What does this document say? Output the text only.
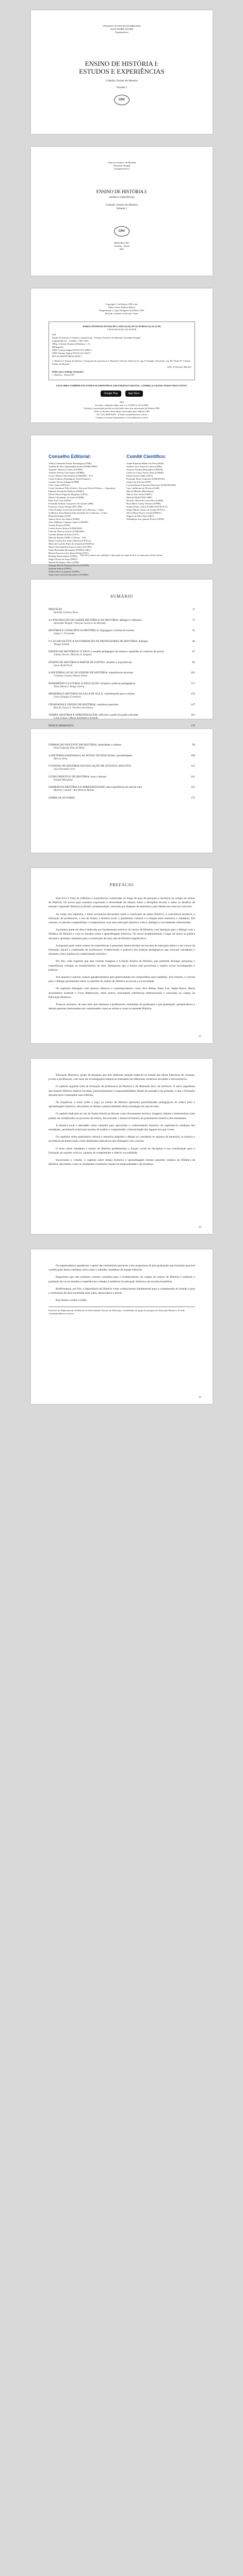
VENICIUS JUVENCIO DE MIRANDA
ALEXANDRE KNAPIK
Organizadores

ENSINO DE HISTÓRIA I:

ESTUDOS E EXPERIÊNCIAS

Coleção: Ensino de História

Volume 1

CRV
Vênicius Juvêncio de Miranda
Alexandre Knapik
(Organizadores)

ENSINO DE HISTÓRIA I:

estudos e experiências

Coleção: Ensino de História

Volume 1

CRV
EDITORA CRV
Curitiba – Brasil
2021
Copyright © da Editora CRV Ltda.
Editor-chefe: Railson Moura
Diagramação e Capa: Designers da Editora CRV
Revisão: Analista de Escrita e Artes
DADOS INTERNACIONAIS DE CATALOGAÇÃO NA PUBLICAÇÃO (CIP)
CATALOGAÇÃO NA FONTE
E59
Ensino de história I: estudos e experiências / Vênicius Juvêncio de Miranda, Alexandre Knapik
(organizadores) – Curitiba : CRV, 2021.
188 p. (Coleção Ensino de História, v. 1)
Bibliografia
ISBN Coleção Digital 978-65-251-2008-4
ISBN Volume Digital 978-65-251-2010-7
DOI 10.24824/978652512010.7
1. História 2. Ensino de história 3. Formação de professores I. Miranda, Vênicius Juvêncio de. org. II. Knapik, Alexandre. org. III. Título IV. Coleção Ensino de História
CDU 37.016:94 CDD 907
Índice para catálogo sistemático
1. História – Ensino 907
ESTA OBRA TAMBÉM ENCONTRA-SE DISPONÍVEL EM FORMATO DIGITAL. CONHEÇA E BAIXE NOSSO APLICATIVO!
Google Play	App Store
2021
Foi feito o depósito legal conf. Lei 10.994 de 14/12/2004
Proibida a reprodução parcial ou total desta obra sem autorização da Editora CRV
Todos os direitos desta edição reservados pela: Editora CRV
Tel.: (41) 3039-6418 – E-mail: sac@editoracrv.com.br
Conheça os nossos lançamentos: www.editoracrv.com.br
Conselho Editorial:
Aldira Guimarães Duarte Domínguez (UNB)
Andréia da Silva Quintanilha Sousa (UNIR/UFRN)
Anselmo Alencar Colares (UFOPA)
Antônio Pereira Gaio Júnior (UFRRJ)
Carlos Alberto Vilar Estêvão (UMINHO – PT)
Carlos Federico Dominguez Avila (Unieuro)
Carmen Tereza Velanga (UNIR)
Celso Conti (UFSCar)
Cesar Gerónimo Tello (Univer .Nacional Três de Febrero – Argentina)
Eduardo Fernandes Barbosa (UFMG)
Elione Maria Nogueira Diogenes (UFAL)
Elizeu Clementino de Souza (UNEB)
Élsio José Corá (UFFS)
Fernando Antônio Gonçalves Alcoforado (IPB)
Francisco Carlos Duarte (PUC-PR)
Gloria Fariñas León (Universidade de La Havana – Cuba)
Guillermo Arias Beatón (Universidade de La Havana – Cuba)
Helmuth Krüger (UCP)
Jailson Alves dos Santos (UFRJ)
João Adalberto Campato Junior (UNESP)
Josania Portela (UFPI)
Leonel Severo Rocha (UNISINOS)
Lídia de Oliveira Xavier (UNIEURO)
Lourdes Helena da Silva (UFV)
Marcelo Paixão (UFRJ e UTexas – US)
Maria Cristina dos Santos Bezerra (UFSCar)
Maria de Lourdes Pinto de Almeida (UNOESC)
Maria Lília Imbiriba Sousa Colares (UFOPA)
Paulo Romualdo Hernandes (UNIFAL-MG)
Renato Francisco dos Santos Paula (UFG)
Rodrigo Pratte-Santos (UFES)
Sérgio Nunes de Jesus (IFRO)
Simone Rodrigues Pinto (UNB)
Solange Helena Ximenes-Rocha (UFOPA)
Sydione Santos (UEPG)
Tadeu Oliver Gonçalves (UFPA)
Tania Suely Azevedo Brasileiro (UFOPA)
Comitê Científico:
André Eduardo Ribeiro da Silva (IFSP)
Antônio Jose Teixeira Guerra (UFRJ)
Antonio Nivaldo Hespanhol (UNESP)
Carlos de Castro Neves Neto (UNESP)
Edson Soares Fialho (UFV)
Fernando Pinto Cerqueira (UNIOESTE)
Jorge Luís Ferreira (UFF)
Luciana Rosar Fornazari Klanovicz (UNICENTRO)
Luiz Guilherme de Oliveira (UnB)
Marcel Mendes (Mackenzie)
Marcio Jose Ornat (UEPG)
Michael Hall (UNICAMP)
Ricardo Gilson da Costa Silva (UNIR)
Rosa Maria Godoy Silveira (UFPB)
Sandro Dutra e Silva (UNIEVANGÉLICA)
Sérgio Murilo Santos de Araújo (UFCG)
Silvia Maria Fávero Arend (UDESC)
Wagner da Silva Dias (UEG)
Wellington Jose Quirino Ferraz (UFPA)
Este livro passou por avaliação e aprovação às cegas de dois ou mais pareceristas ad hoc.

SUMÁRIO

PREFÁCIO	11
Ronaldo Cardoso Alves
A CONSTRUÇÃO DO SABER HISTÓRICO NA HISTÓRIA: diálogos e reflexões	17
Alexandre Knapik / Vênicius Juvêncio de Miranda
HISTÓRIA E CONSCIÊNCIA HISTÓRICA: linguagens e formas de ensinar	31
Sérgio C. Fernandes
O LUGAR DA ÉTICA NA FORMAÇÃO DE PROFESSORES DE HISTÓRIA: diálogos	49
Thiago Schmitt
ENSINO DE HISTÓRIA E O JOGO: o sentido pedagógico de ensinar e aprender no contexto da escola	67
Juliana Vecchi / Marcelo A. Sampaio
ENSINO DE HISTÓRIA A PARTIR DE FONTES: desafios e experiências	83
Lucas Pydd Nechi
A HISTÓRIA LOCAL NO ENSINO DE HISTÓRIA: experiências docentes	101
Cristiano Gustavo Biazzo Simon
PATRIMÔNIO CULTURAL E EDUCAÇÃO: relações e práticas pedagógicas	117
Tânia Maria F. Braga Garcia
MEMÓRIA E HISTÓRIA NA SALA DE AULA: contribuições para o ensino	133
Geyso Dongley Germinari
CIDADANIA E ENSINO DE HISTÓRIA: caminhos possíveis	147
Rita de Cássia G. Pacheco dos Santos
TEMPO, HISTÓRIA E APRENDIZAGEM: reflexões a partir da prática docente	161
Carla Gomes / Maria Auxiliadora Schmidt
ÍNDICE REMISSIVO	179
FORMAÇÃO DOCENTE EM HISTÓRIA: identidades e saberes	99
Paulo Eduardo Dias de Mello
A HISTÓRIA ENSINADA E AS NOVAS TECNOLOGIAS: possibilidades	109
Marcos Silva
O ENSINO DE HISTÓRIA NA EDUCAÇÃO DE JOVENS E ADULTOS	121
Luis Fernando Cerri
LIVRO DIDÁTICO DE HISTÓRIA: usos e leituras	141
Kazumi Munakata
NARRATIVA HISTÓRICA E APRENDIZAGEM: uma experiência em sala de aula	155
Marlene Cainelli / Ana Heloisa Molina
SOBRE OS AUTORES	175

PREFÁCIO

Este livro é fruto de reflexões e experiências construídas ao longo de anos de pesquisa e docência no campo do ensino de História. Os textos aqui reunidos expressam a diversidade de olhares sobre a disciplina escolar e sobre os desafios de ensinar e aprender História no Brasil contemporâneo, marcado por disputas de memória e pelo debate em torno do currículo.

Ao longo dos capítulos, o leitor encontrará discussões sobre a construção do saber histórico, a consciência histórica, a formação de professores, o uso de fontes, a história local, o patrimônio cultural e a relação entre memória e cidadania. Em comum, os autores compartilham o compromisso com uma educação histórica crítica, dialógica e socialmente referenciada.

A primeira parte da obra é dedicada aos fundamentos teóricos do ensino de História, com destaque para o diálogo com a Didática da História e com os estudos sobre a aprendizagem histórica. Os textos problematizam o lugar da teoria na prática docente e apontam caminhos para a construção de uma aula de História significativa.

A segunda parte reúne relatos de experiências e pesquisas desenvolvidas em escolas de educação básica e em cursos de formação inicial e continuada de professores, evidenciando a potência das práticas pedagógicas que colocam estudantes e docentes como sujeitos do conhecimento histórico.

Por fim, cabe registrar que este volume inaugura a Coleção Ensino de História, que pretende divulgar pesquisas e experiências voltadas ao fortalecimento da área. Desejamos que a leitura seja proveitosa e inspire novas investigações e práticas.

Aos autores e autoras, nossos agradecimentos pela generosidade em compartilhar seus trabalhos. Aos leitores, o convite para o diálogo permanente sobre os sentidos do ensino de História na escola e na sociedade.

Os capítulos dialogam com autores clássicos e contemporâneos, como Jörn Rüsen, Peter Lee, Isabel Barca, Maria Auxiliadora Schmidt e Circe Bittencourt, entre outros, articulando referências internacionais e nacionais no campo da Educação Histórica.

Trata-se, portanto, de uma obra que interessa a professores, estudantes de graduação e pós-graduação, pesquisadores e demais pessoas interessadas em compreender como se ensina e como se aprende História.

11

Educação Histórica, grupo de pesquisa que tem dedicado atenção especial ao estudo das ideias históricas de crianças, jovens e professores, com base em investigações empíricas realizadas em diferentes contextos escolares e universitários.

O capítulo seguinte trata da formação de professores de História e da dimensão ética da docência. O autor argumenta que ensinar História implica escolhas, posicionamentos e responsabilidades diante do passado e do presente, e que a formação docente deve contemplar essa reflexão.

Na sequência, o texto sobre o jogo no ensino de História apresenta possibilidades pedagógicas do lúdico para a aprendizagem histórica, discutindo os limites e potencialidades dessa estratégia em sala de aula.

O capítulo dedicado ao uso de fontes históricas discute como documentos escritos, imagens, objetos e testemunhos orais podem ser mobilizados no processo de ensino, favorecendo o desenvolvimento do pensamento histórico dos estudantes.

A história local é abordada como caminho para aproximar o conhecimento histórico da experiência cotidiana dos estudantes, permitindo relacionar escalas de análise e compreender a historicidade dos lugares em que vivem.

Os capítulos sobre patrimônio cultural e memória ampliam o debate ao considerar os espaços de memória, os museus e as práticas de preservação como dimensões educativas que dialogam com a escola.

O texto sobre cidadania e ensino de História problematiza a função social da disciplina e sua contribuição para a formação de sujeitos críticos, capazes de compreender e intervir na realidade.

Encerrando o volume, o capítulo sobre tempo histórico e aprendizagem retoma questões centrais da Didática da História, discutindo como os estudantes constroem noções de temporalidade e de mudança.

12

Os organizadores agradecem o apoio das instituições parceiras e dos programas de pós-graduação que tornaram possível a publicação desta coletânea, bem como o trabalho cuidadoso da equipe editorial.

Esperamos que este primeiro volume contribua para o fortalecimento do campo do ensino de História e estimule a produção de novos estudos e experiências voltados à melhoria da educação histórica nas escolas brasileiras.

Reafirmamos, por fim, a importância da História como conhecimento fundamental para a compreensão do mundo e para a construção de uma sociedade mais justa, democrática e plural.

Boa leitura a todos e todas.

Professor do Departamento de História da Universidade. Doutor em Educação. Coordenador do grupo de pesquisa em Educação Histórica. E-mail: contato@editoracrv.com.br
13
